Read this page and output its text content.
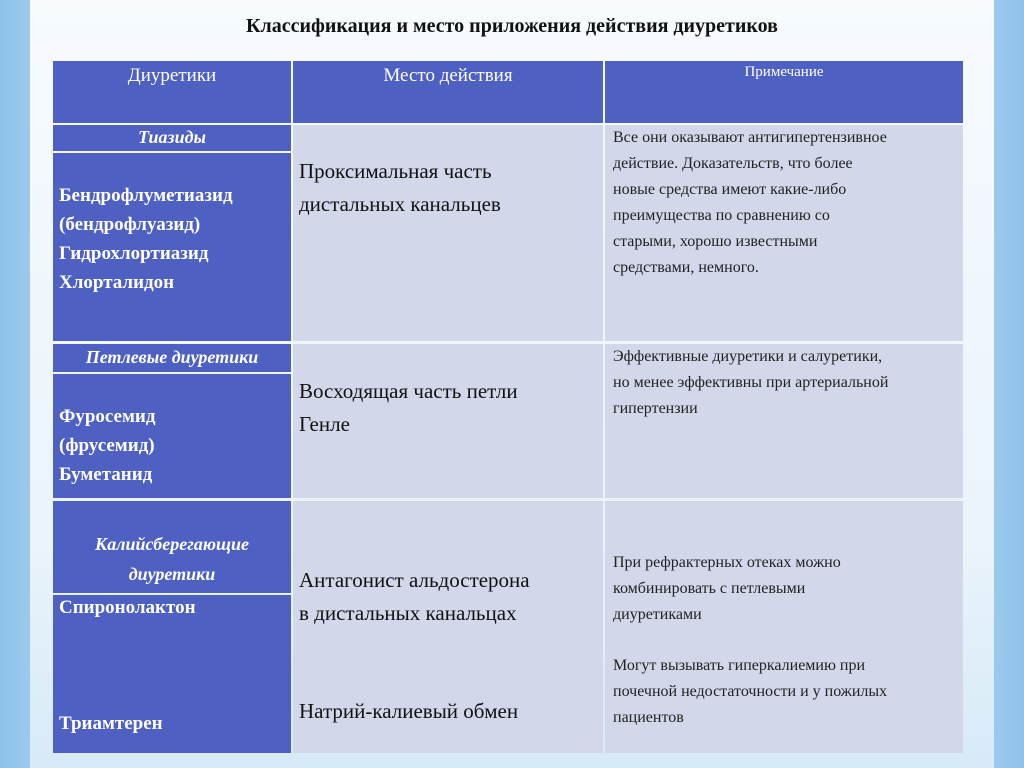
Классификация и место приложения действия диуретиков
Диуретики	Место действия	Примечание
Тиазиды
Бендрофлуметиазид
(бендрофлуазид)
Гидрохлортиазид
Хлорталидон
Проксимальная часть
дистальных канальцев
Все они оказывают антигипертензивное
действие. Доказательств, что более
новые средства имеют какие-либо
преимущества по сравнению со
старыми, хорошо известными
средствами, немного.
Петлевые диуретики
Фуросемид
(фрусемид)
Буметанид
Восходящая часть петли
Генле
Эффективные диуретики и салуретики,
но менее эффективны при артериальной
гипертензии
Калийсберегающие
диуретики
Спиронолактон
Триамтерен
Антагонист альдостерона
в дистальных канальцах
Натрий-калиевый обмен
При рефрактерных отеках можно
комбинировать с петлевыми
диуретиками
Могут вызывать гиперкалиемию при
почечной недостаточности и у пожилых
пациентов
